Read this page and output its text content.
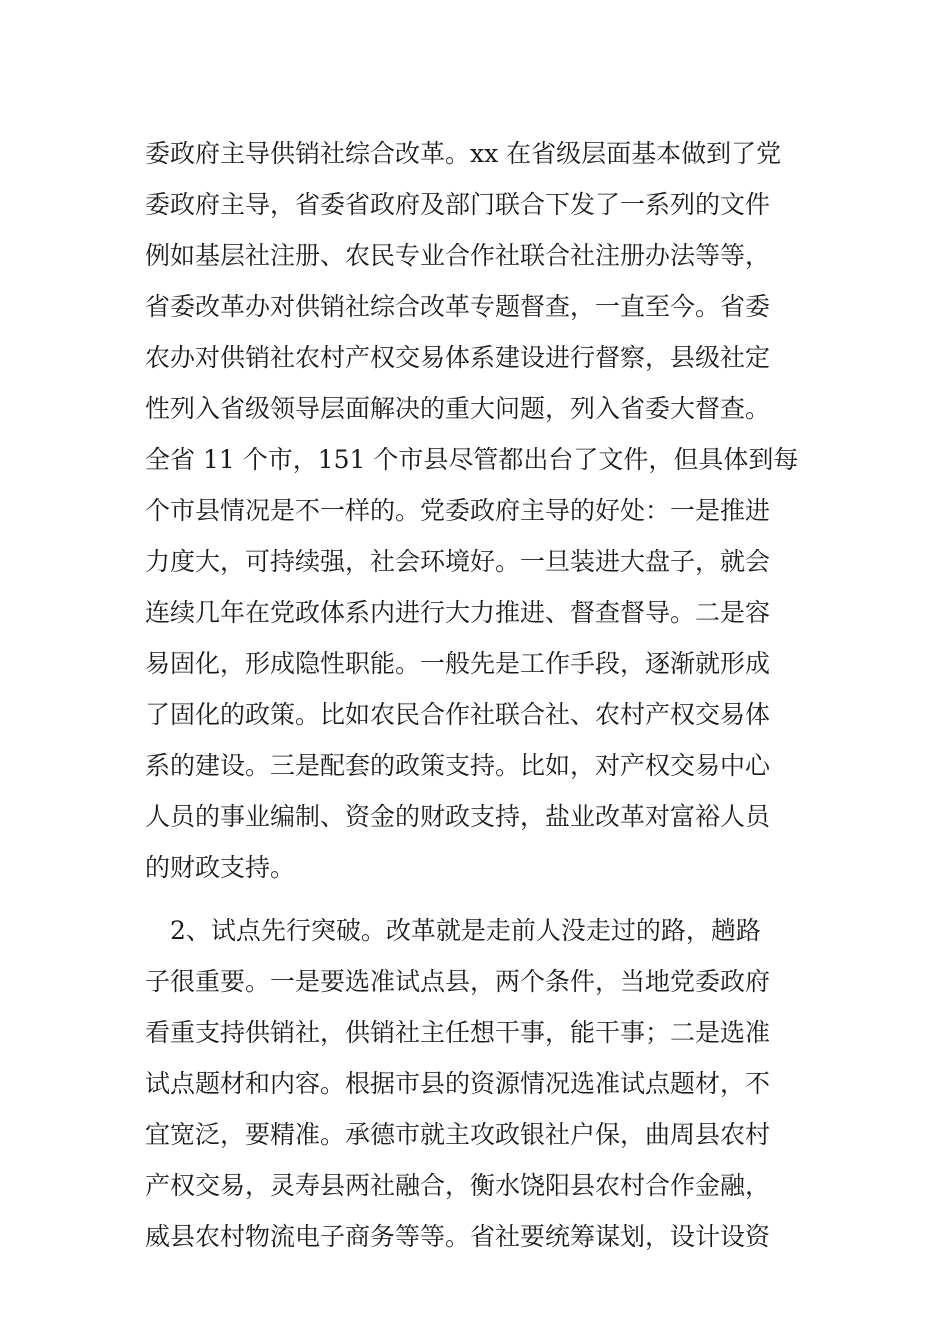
委政府主导供销社综合改革。xx 在省级层面基本做到了党
委政府主导，省委省政府及部门联合下发了一系列的文件
例如基层社注册、农民专业合作社联合社注册办法等等，
省委改革办对供销社综合改革专题督查，一直至今。省委
农办对供销社农村产权交易体系建设进行督察，县级社定
性列入省级领导层面解决的重大问题，列入省委大督查。
全省 11 个市，151 个市县尽管都出台了文件，但具体到每
个市县情况是不一样的。党委政府主导的好处：一是推进
力度大，可持续强，社会环境好。一旦装进大盘子，就会
连续几年在党政体系内进行大力推进、督查督导。二是容
易固化，形成隐性职能。一般先是工作手段，逐渐就形成
了固化的政策。比如农民合作社联合社、农村产权交易体
系的建设。三是配套的政策支持。比如，对产权交易中心
人员的事业编制、资金的财政支持，盐业改革对富裕人员
的财政支持。
　2、试点先行突破。改革就是走前人没走过的路，趟路
子很重要。一是要选准试点县，两个条件，当地党委政府
看重支持供销社，供销社主任想干事，能干事；二是选准
试点题材和内容。根据市县的资源情况选准试点题材，不
宜宽泛，要精准。承德市就主攻政银社户保，曲周县农村
产权交易，灵寿县两社融合，衡水饶阳县农村合作金融，
威县农村物流电子商务等等。省社要统筹谋划，设计设资
